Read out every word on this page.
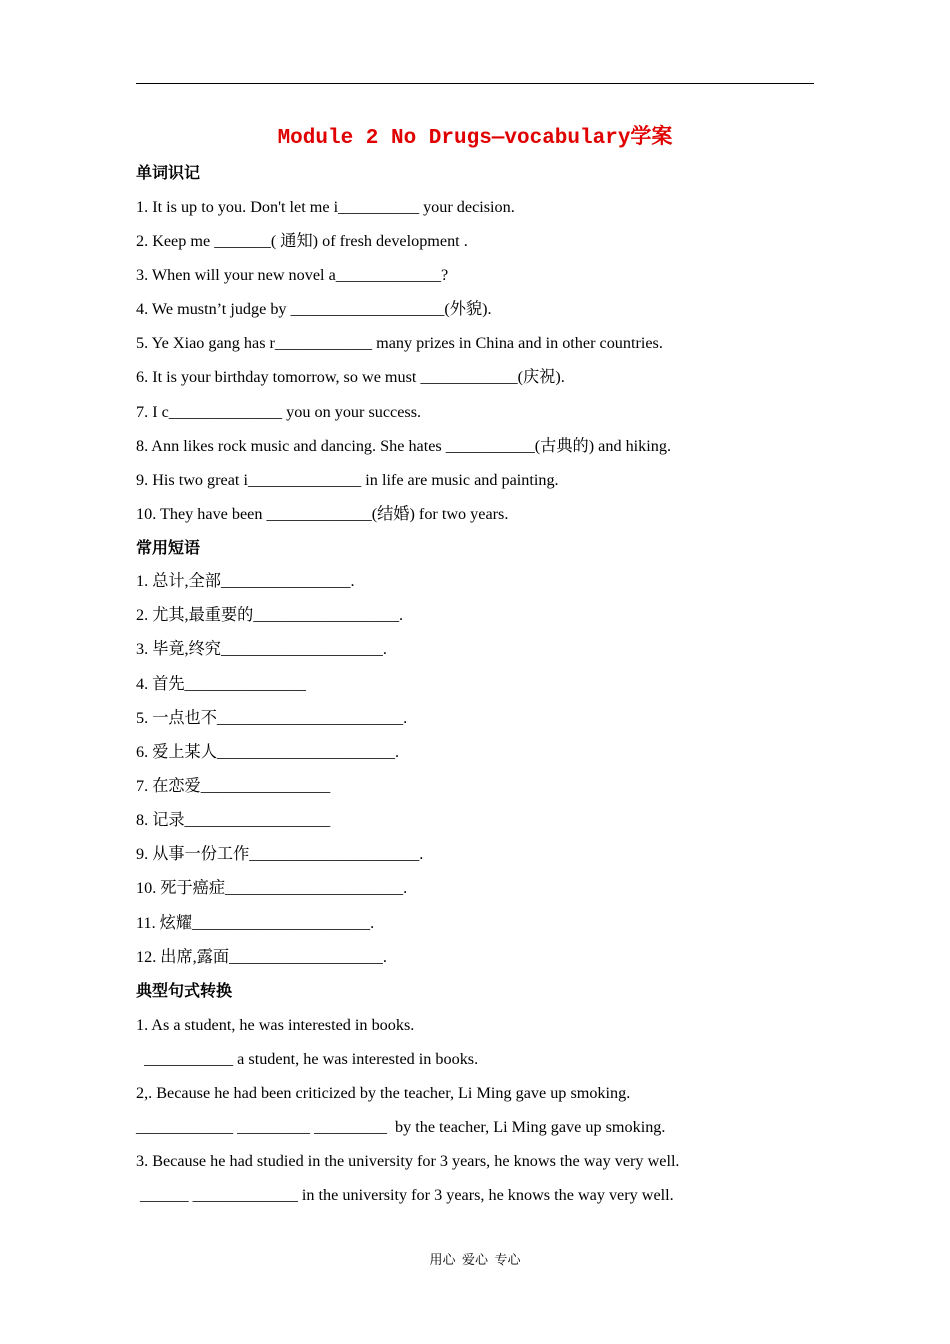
Module 2 No Drugs—vocabulary学案
单词识记
1. It is up to you. Don't let me i__________ your decision.
2. Keep me _______( 通知) of fresh development .
3. When will your new novel a_____________?
4. We mustn’t judge by ___________________(外貌).
5. Ye Xiao gang has r____________ many prizes in China and in other countries.
6. It is your birthday tomorrow, so we must ____________(庆祝).
7. I c______________ you on your success.
8. Ann likes rock music and dancing. She hates ___________(古典的) and hiking.
9. His two great i______________ in life are music and painting.
10. They have been _____________(结婚) for two years.
常用短语
1. 总计,全部________________.
2. 尤其,最重要的__________________.
3. 毕竟,终究____________________.
4. 首先_______________
5. 一点也不_______________________.
6. 爱上某人______________________.
7. 在恋爱________________
8. 记录__________________
9. 从事一份工作_____________________.
10. 死于癌症______________________.
11. 炫耀______________________.
12. 出席,露面___________________.
典型句式转换
1. As a student, he was interested in books.
___________ a student, he was interested in books.
2,. Because he had been criticized by the teacher, Li Ming gave up smoking.
____________ _________ _________  by the teacher, Li Ming gave up smoking.
3. Because he had studied in the university for 3 years, he knows the way very well.
______ _____________ in the university for 3 years, he knows the way very well.
用心  爱心  专心
